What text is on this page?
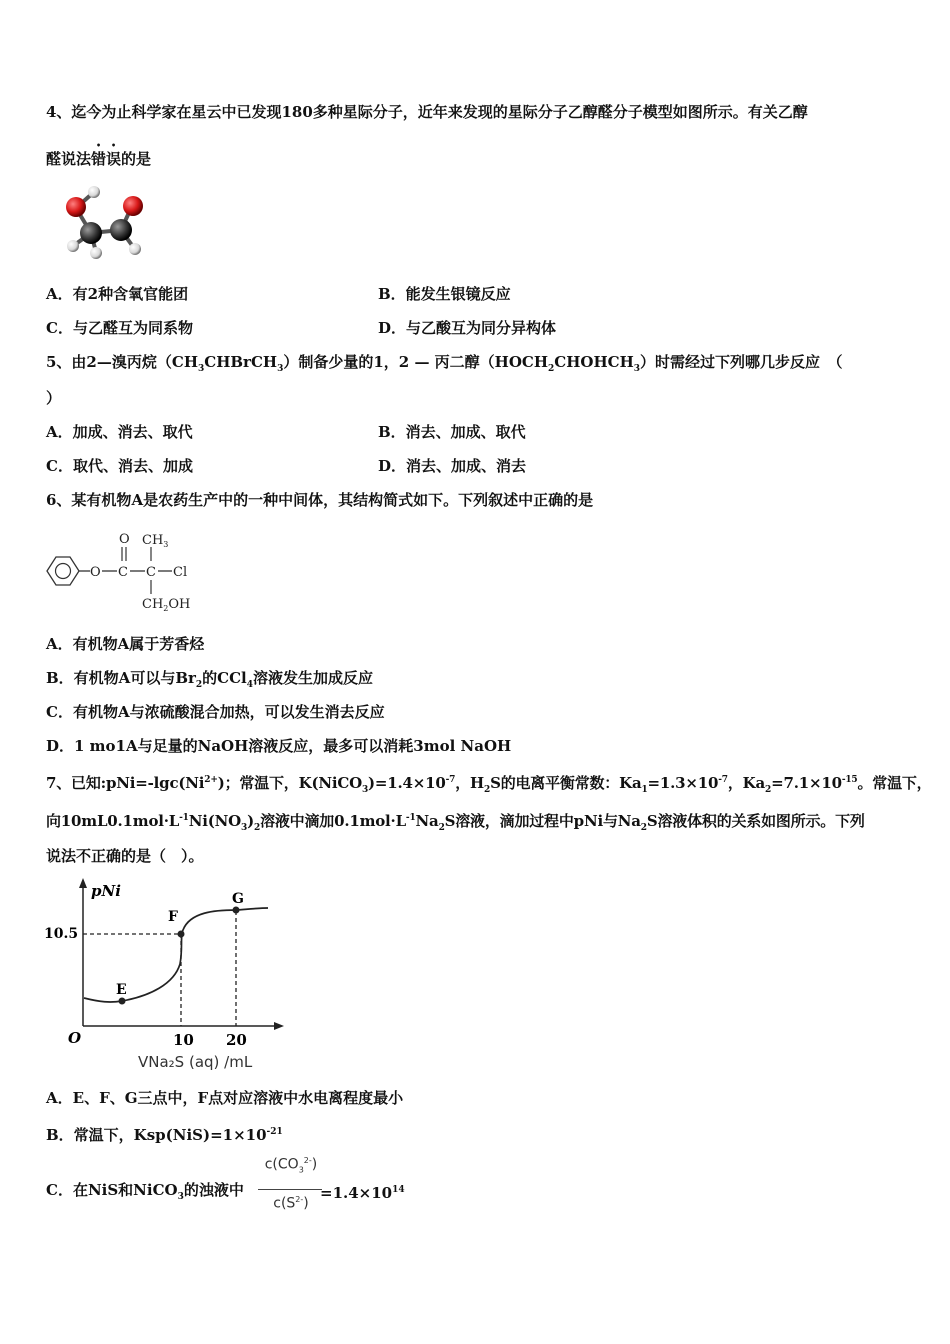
4、迄今为止科学家在星云中已发现180多种星际分子，近年来发现的星际分子乙醇醛分子模型如图所示。有关乙醇
醛说法错误的是
A．有2种含氧官能团	B．能发生银镜反应
C．与乙醛互为同系物	D．与乙酸互为同分异构体
5、由2—溴丙烷$(CH_3CHBrCH_3)$制备少量的1，2 — 丙二醇$(HOCH_2CHOHCH_3)$时需经过下列哪几步反应　（
）
A．加成、消去、取代	B．消去、加成、取代
C．取代、消去、加成	D．消去、加成、消去
6、某有机物A是农药生产中的一种中间体，其结构简式如下。下列叙述中正确的是
O C
O
C
$CH_3$
Cl
$CH_2OH$
A．有机物A属于芳香烃
B．有机物A可以与$Br_2$的CCl$_4$溶液发生加成反应
C．有机物A与浓硫酸混合加热，可以发生消去反应
D．1 mo1A与足量的NaOH溶液反应，最多可以消耗3mol NaOH
7、已知$:pNi=-\lg c(Ni^{2+})$；常温下，$K(NiCO_3)=1.4\times 10^{-7}$，$H_2S$的电离平衡常数：$Ka_1=1.3\times 10^{-7}$，$Ka_2=7.1\times 10^{-15}$。常温下，
向$10mL0.1mol\cdot L^{-1}Ni(NO_3)_2$溶液中滴加$0.1mol\cdot L^{-1}Na_2S$溶液，滴加过程中pNi与$Na_2S$溶液体积的关系如图所示。下列
说法不正确的是（　）。
pNi
10.5
O	10 20
E
F
G
VNa₂S (aq) /mL
A．E、F、G三点中，F点对应溶液中水电离程度最小
B．常温下，$Ksp(NiS)=1\times 10^{-21}$
C．在NiS和NiCO$_3$的浊液中
$c(CO_3^{2-})$
$c(S^{2-})$
$=1.4\times 10^{14}$
